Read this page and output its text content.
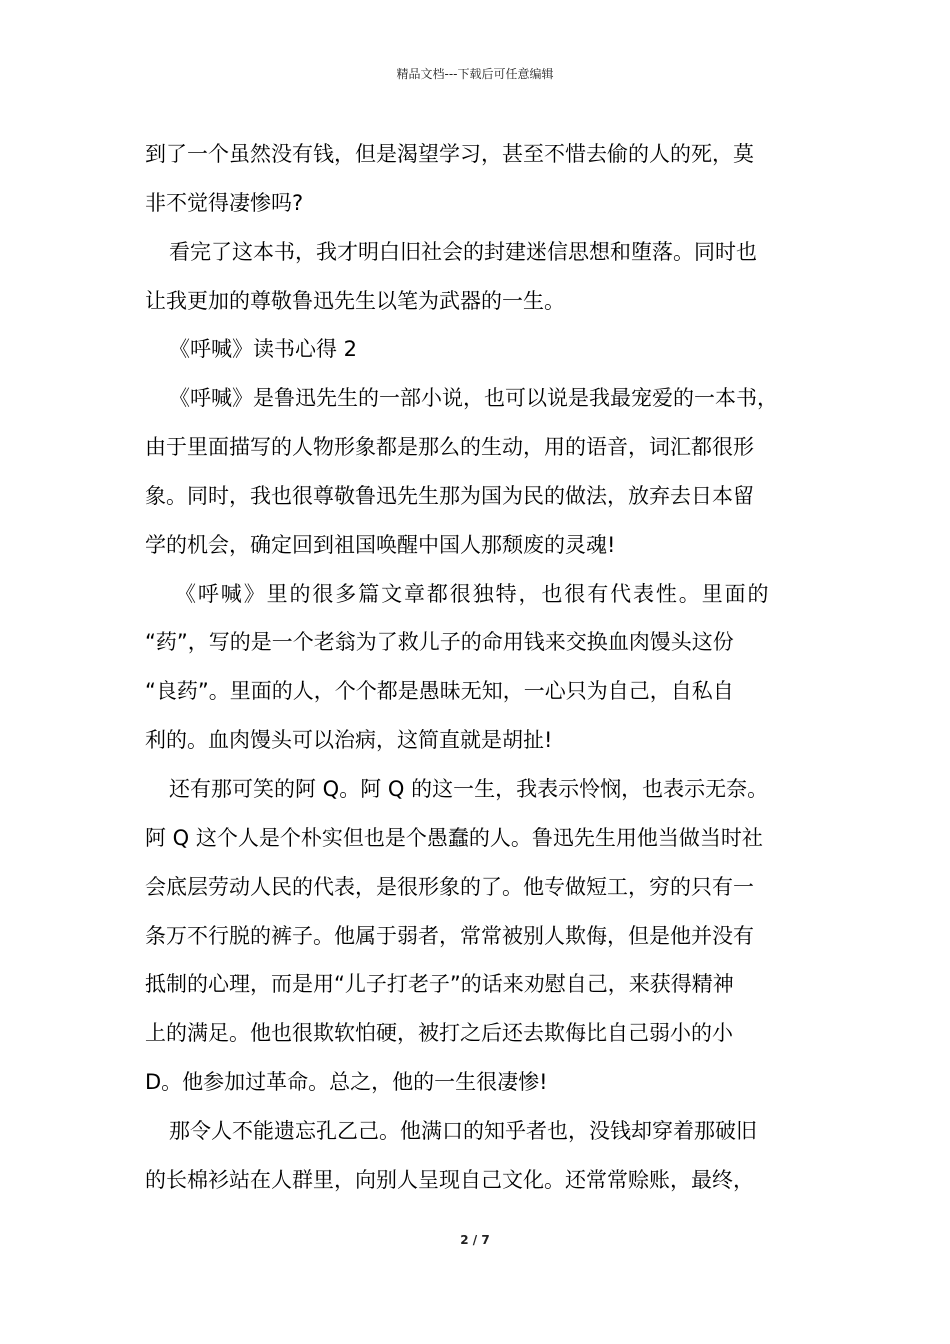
精品文档---下载后可任意编辑
到了一个虽然没有钱，但是渴望学习，甚至不惜去偷的人的死，莫
非不觉得凄惨吗?
看完了这本书，我才明白旧社会的封建迷信思想和堕落。同时也
让我更加的尊敬鲁迅先生以笔为武器的一生。
《呼喊》读书心得 2
《呼喊》是鲁迅先生的一部小说，也可以说是我最宠爱的一本书，
由于里面描写的人物形象都是那么的生动，用的语音，词汇都很形
象。同时，我也很尊敬鲁迅先生那为国为民的做法，放弃去日本留
学的机会，确定回到祖国唤醒中国人那颓废的灵魂!
《呼喊》里的很多篇文章都很独特，也很有代表性。里面的
“药”，写的是一个老翁为了救儿子的命用钱来交换血肉馒头这份
“良药”。里面的人，个个都是愚昧无知，一心只为自己，自私自
利的。血肉馒头可以治病，这简直就是胡扯!
还有那可笑的阿 Q。阿 Q 的这一生，我表示怜悯，也表示无奈。
阿 Q 这个人是个朴实但也是个愚蠢的人。鲁迅先生用他当做当时社
会底层劳动人民的代表，是很形象的了。他专做短工，穷的只有一
条万不行脱的裤子。他属于弱者，常常被别人欺侮，但是他并没有
抵制的心理，而是用“儿子打老子”的话来劝慰自己，来获得精神
上的满足。他也很欺软怕硬，被打之后还去欺侮比自己弱小的小
D。他参加过革命。总之，他的一生很凄惨!
那令人不能遗忘孔乙己。他满口的知乎者也，没钱却穿着那破旧
的长棉衫站在人群里，向别人呈现自己文化。还常常赊账，最终，
2 / 7
